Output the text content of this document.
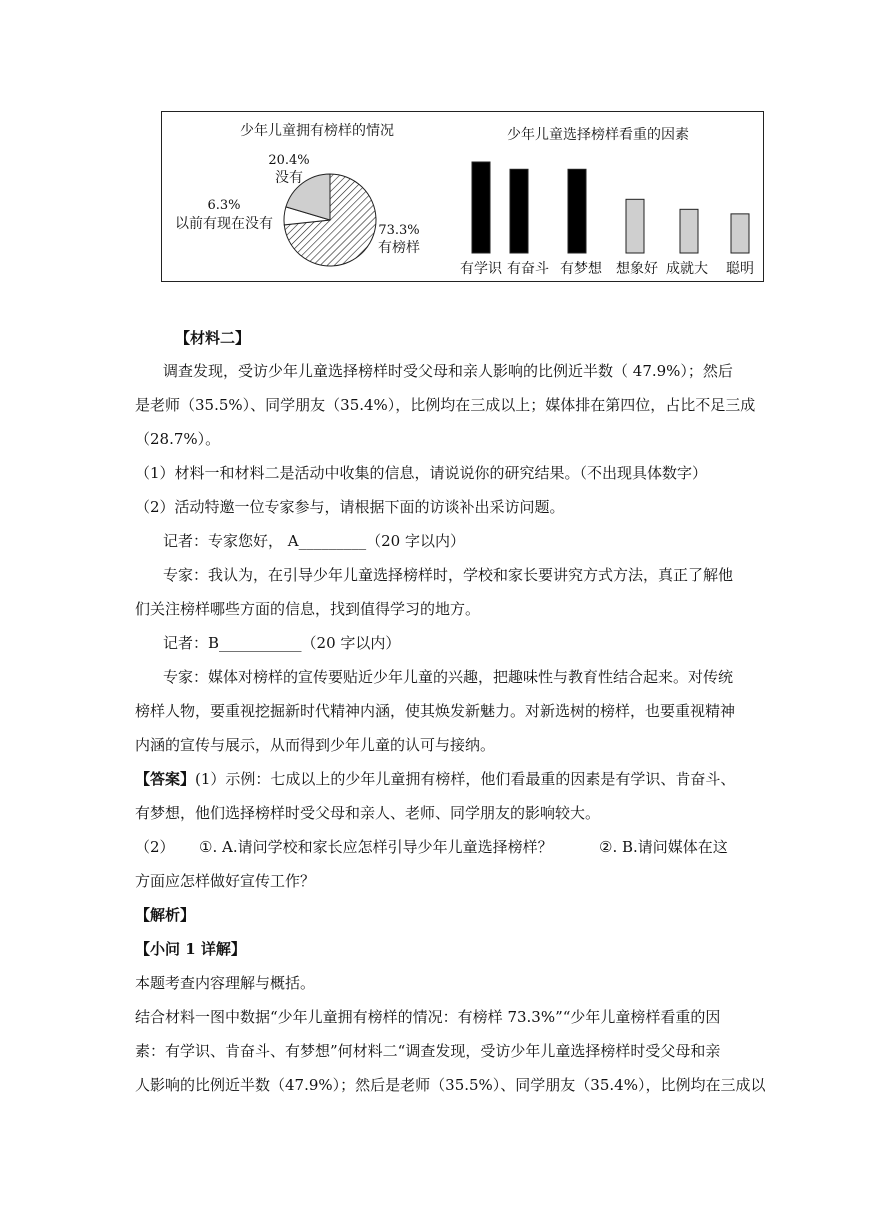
少年儿童拥有榜样的情况
20.4%
没有
6.3%
以前有现在没有	73.3%
有榜样
少年儿童选择榜样看重的因素
有学识 有奋斗 有梦想 想象好 成就大 聪明
【材料二】
调查发现，受访少年儿童选择榜样时受父母和亲人影响的比例近半数（ 47.9%）；然后
是老师（35.5%）、同学朋友（35.4%），比例均在三成以上；媒体排在第四位，占比不足三成
（28.7%）。
（1）材料一和材料二是活动中收集的信息，请说说你的研究结果。（不出现具体数字）
（2）活动特邀一位专家参与，请根据下面的访谈补出采访问题。
记者：专家您好， A_________（20 字以内）
专家：我认为，在引导少年儿童选择榜样时，学校和家长要讲究方式方法，真正了解他
们关注榜样哪些方面的信息，找到值得学习的地方。
记者：B___________（20 字以内）
专家：媒体对榜样的宣传要贴近少年儿童的兴趣，把趣味性与教育性结合起来。对传统
榜样人物，要重视挖掘新时代精神内涵，使其焕发新魅力。对新选树的榜样，也要重视精神
内涵的宣传与展示，从而得到少年儿童的认可与接纳。
【答案】(1）示例：七成以上的少年儿童拥有榜样，他们看最重的因素是有学识、肯奋斗、
有梦想，他们选择榜样时受父母和亲人、老师、同学朋友的影响较大。
（2） ①. A.请问学校和家长应怎样引导少年儿童选择榜样？	②. B.请问媒体在这
方面应怎样做好宣传工作？
【解析】
【小问 1 详解】
本题考查内容理解与概括。
结合材料一图中数据“少年儿童拥有榜样的情况：有榜样 73.3%”“少年儿童榜样看重的因
素：有学识、肯奋斗、有梦想”何材料二“调查发现，受访少年儿童选择榜样时受父母和亲
人影响的比例近半数（47.9%）；然后是老师（35.5%）、同学朋友（35.4%），比例均在三成以
